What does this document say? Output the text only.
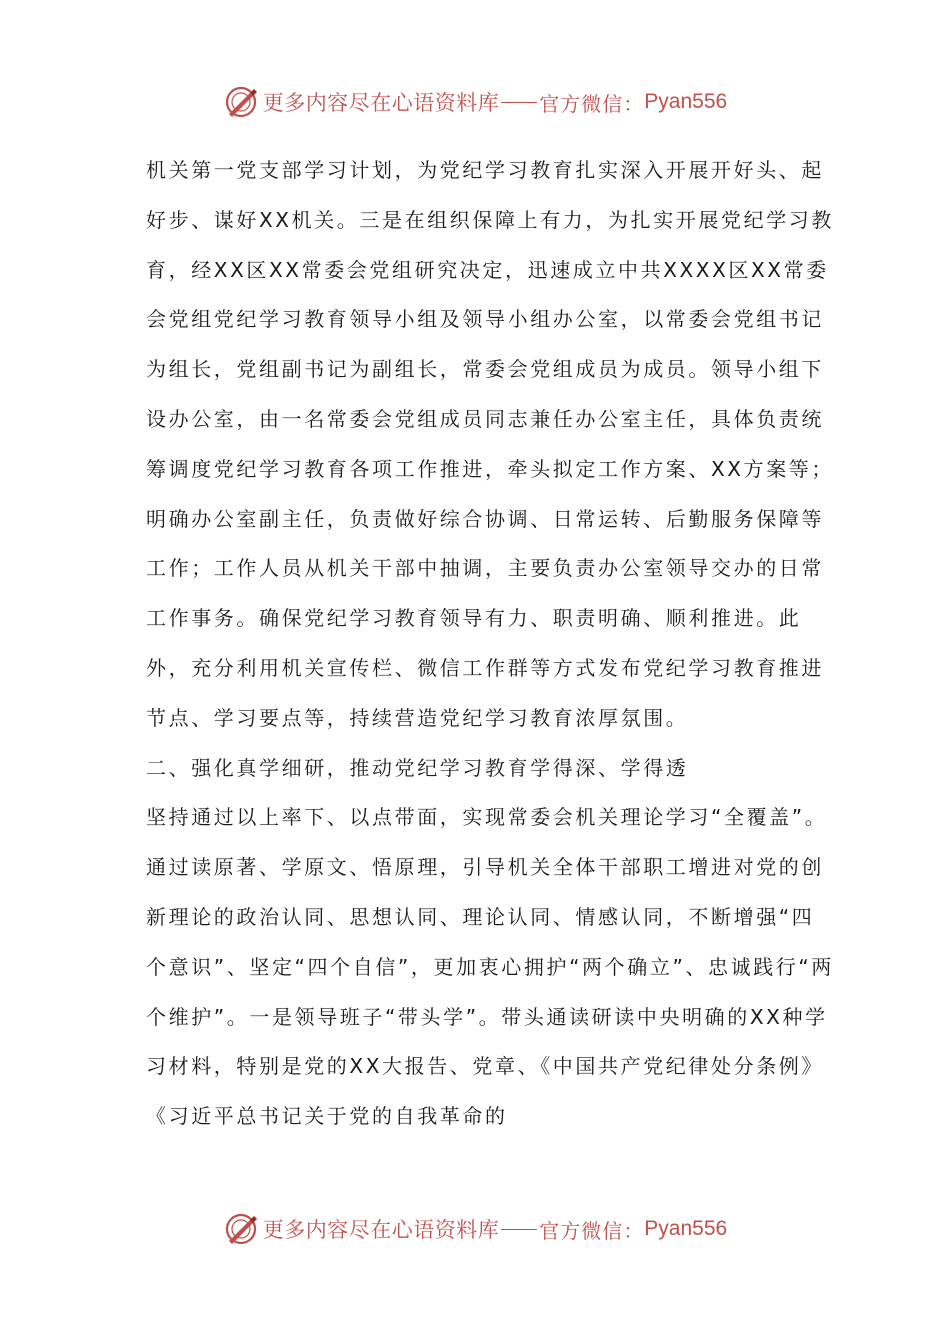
更多内容尽在心语资料库 官方微信： Pyan556

机关第一党支部学习计划，为党纪学习教育扎实深入开展开好头、起好步、谋好XX机关。三是在组织保障上有力，为扎实开展党纪学习教育，经XX区XX常委会党组研究决定，迅速成立中共XXXX区XX常委会党组党纪学习教育领导小组及领导小组办公室，以常委会党组书记为组长，党组副书记为副组长，常委会党组成员为成员。领导小组下设办公室，由一名常委会党组成员同志兼任办公室主任，具体负责统筹调度党纪学习教育各项工作推进，牵头拟定工作方案、XX方案等；明确办公室副主任，负责做好综合协调、日常运转、后勤服务保障等工作；工作人员从机关干部中抽调，主要负责办公室领导交办的日常工作事务。确保党纪学习教育领导有力、职责明确、顺利推进。此外，充分利用机关宣传栏、微信工作群等方式发布党纪学习教育推进节点、学习要点等，持续营造党纪学习教育浓厚氛围。

二、强化真学细研，推动党纪学习教育学得深、学得透

坚持通过以上率下、以点带面，实现常委会机关理论学习“全覆盖”。通过读原著、学原文、悟原理，引导机关全体干部职工增进对党的创新理论的政治认同、思想认同、理论认同、情感认同，不断增强“四个意识”、坚定“四个自信”，更加衷心拥护“两个确立”、忠诚践行“两个维护”。一是领导班子“带头学”。带头通读研读中央明确的XX种学习材料，特别是党的XX大报告、党章、《中国共产党纪律处分条例》《习近平总书记关于党的自我革命的

更多内容尽在心语资料库 官方微信： Pyan556
